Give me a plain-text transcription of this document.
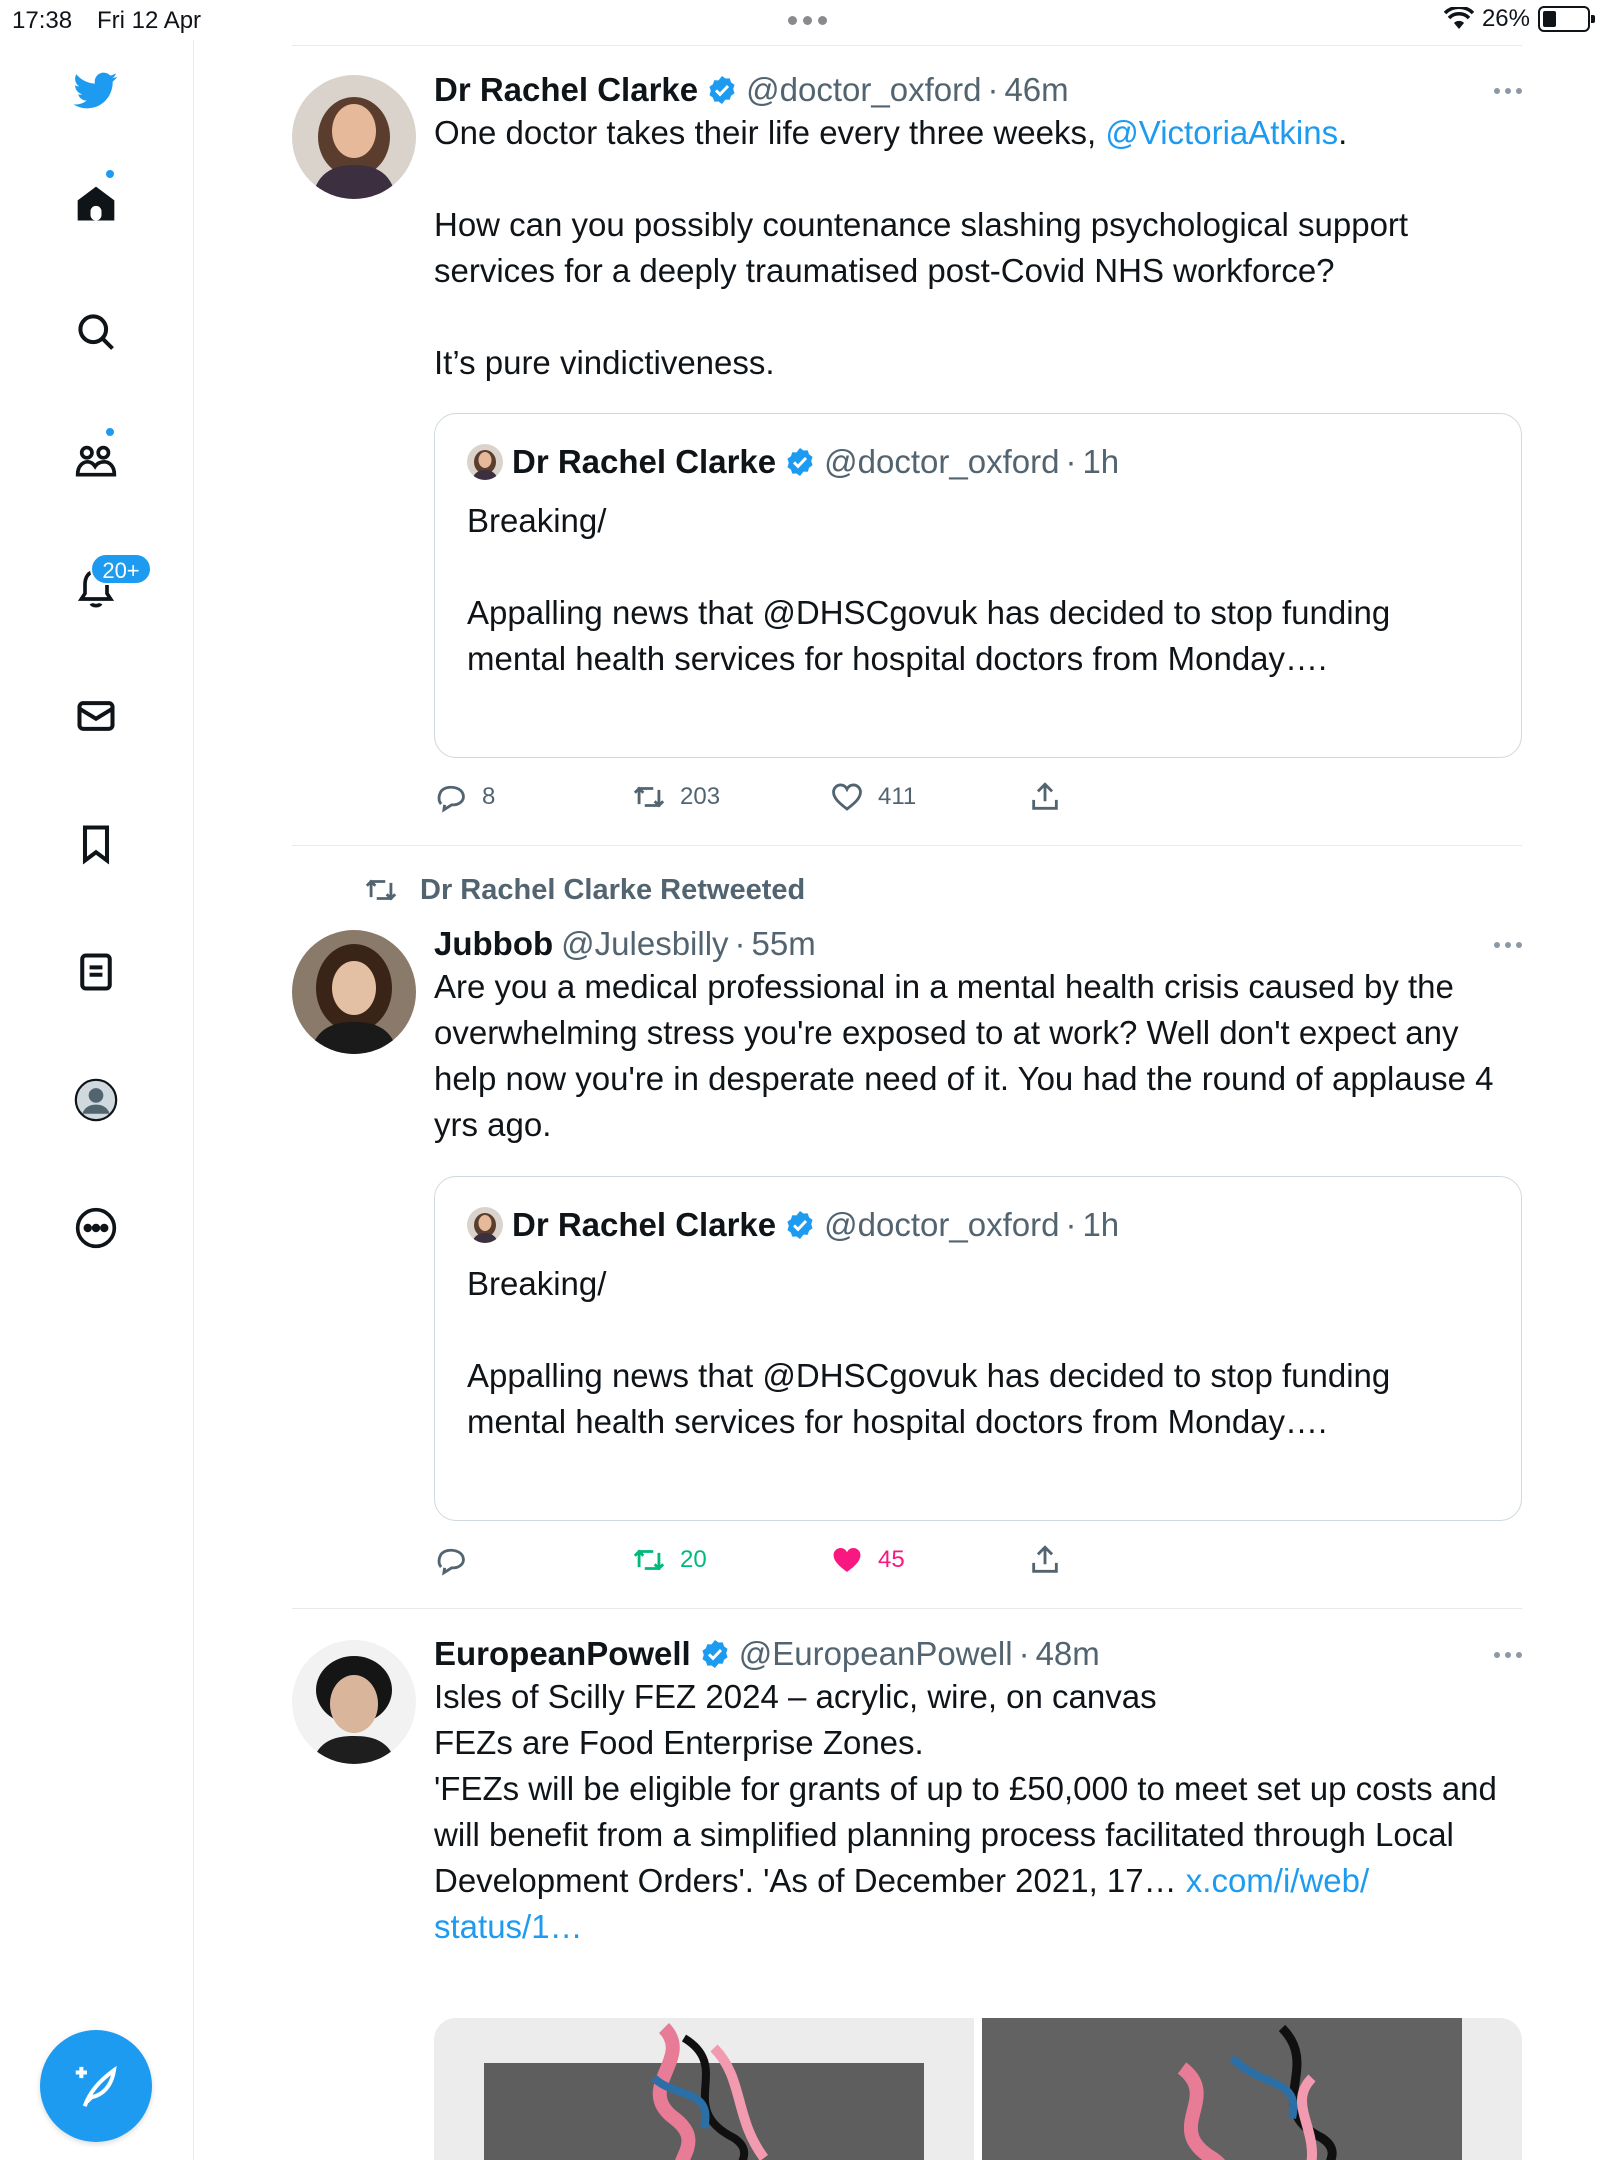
17:38 Fri 12 Apr	26%
20+
Dr Rachel Clarke @doctor_oxford · 46m
One doctor takes their life every three weeks, @VictoriaAtkins.

How can you possibly countenance slashing psychological support services for a deeply traumatised post-Covid NHS workforce?

It’s pure vindictiveness.
Dr Rachel Clarke @doctor_oxford · 1h
Breaking/

Appalling news that @DHSCgovuk has decided to stop funding mental health services for hospital doctors from Monday….
8	203	411
Dr Rachel Clarke Retweeted
Jubbob @Julesbilly · 55m
Are you a medical professional in a mental health crisis caused by the overwhelming stress you're exposed to at work? Well don't expect any help now you're in desperate need of it. You had the round of applause 4 yrs ago.
Dr Rachel Clarke @doctor_oxford · 1h
Breaking/

Appalling news that @DHSCgovuk has decided to stop funding mental health services for hospital doctors from Monday….
20	45
EuropeanPowell @EuropeanPowell · 48m
Isles of Scilly FEZ 2024 – acrylic, wire, on canvas
FEZs are Food Enterprise Zones.
'FEZs will be eligible for grants of up to £50,000 to meet set up costs and will benefit from a simplified planning process facilitated through Local Development Orders'. 'As of December 2021, 17… x.com/i/web/
status/1…
